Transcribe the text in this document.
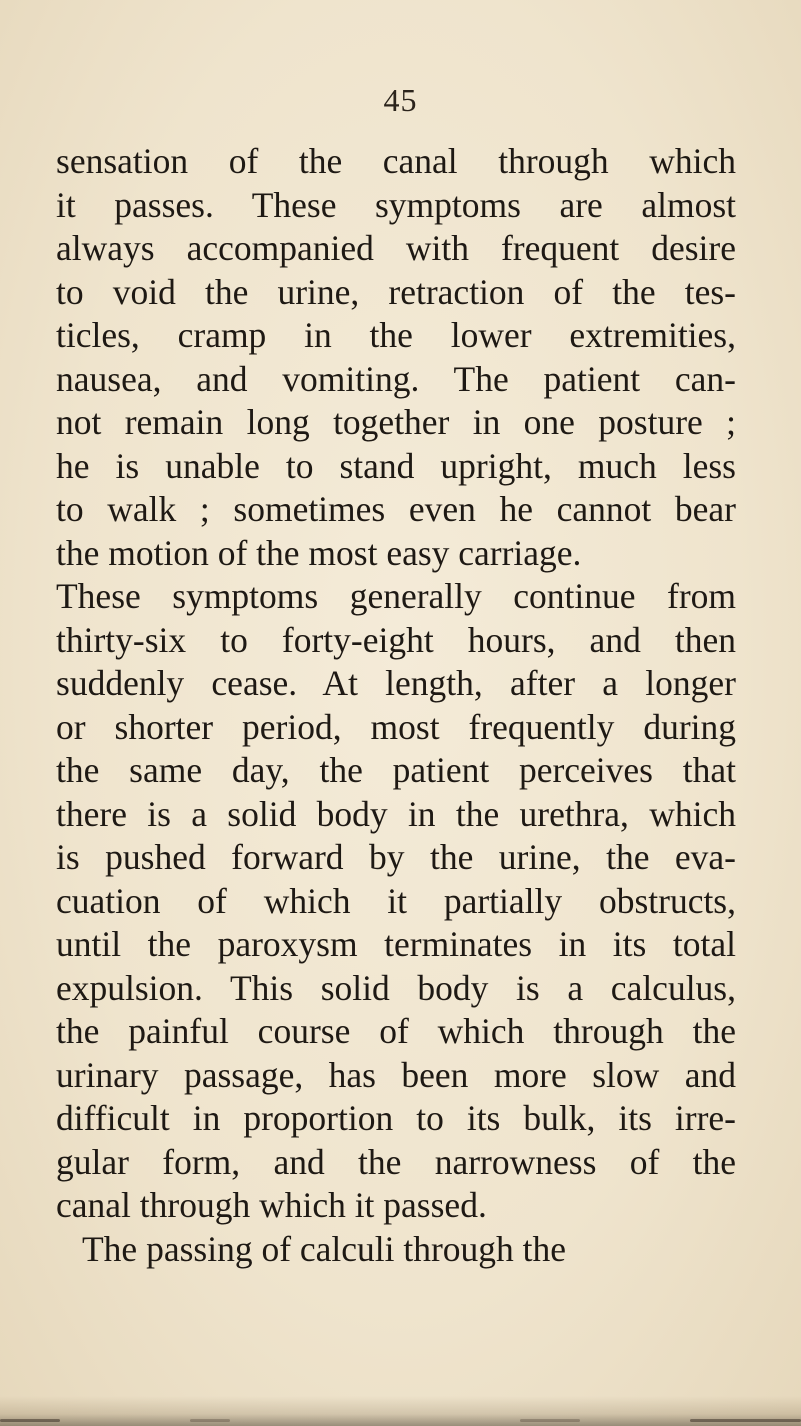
45
sensation of the canal through which
it passes. These symptoms are almost
always accompanied with frequent desire
to void the urine, retraction of the tes-
ticles, cramp in the lower extremities,
nausea, and vomiting. The patient can-
not remain long together in one posture ;
he is unable to stand upright, much less
to walk ; sometimes even he cannot bear
the motion of the most easy carriage.
These symptoms generally continue from
thirty-six to forty-eight hours, and then
suddenly cease. At length, after a longer
or shorter period, most frequently during
the same day, the patient perceives that
there is a solid body in the urethra, which
is pushed forward by the urine, the eva-
cuation of which it partially obstructs,
until the paroxysm terminates in its total
expulsion. This solid body is a calculus,
the painful course of which through the
urinary passage, has been more slow and
difficult in proportion to its bulk, its irre-
gular form, and the narrowness of the
canal through which it passed.
The passing of calculi through the
